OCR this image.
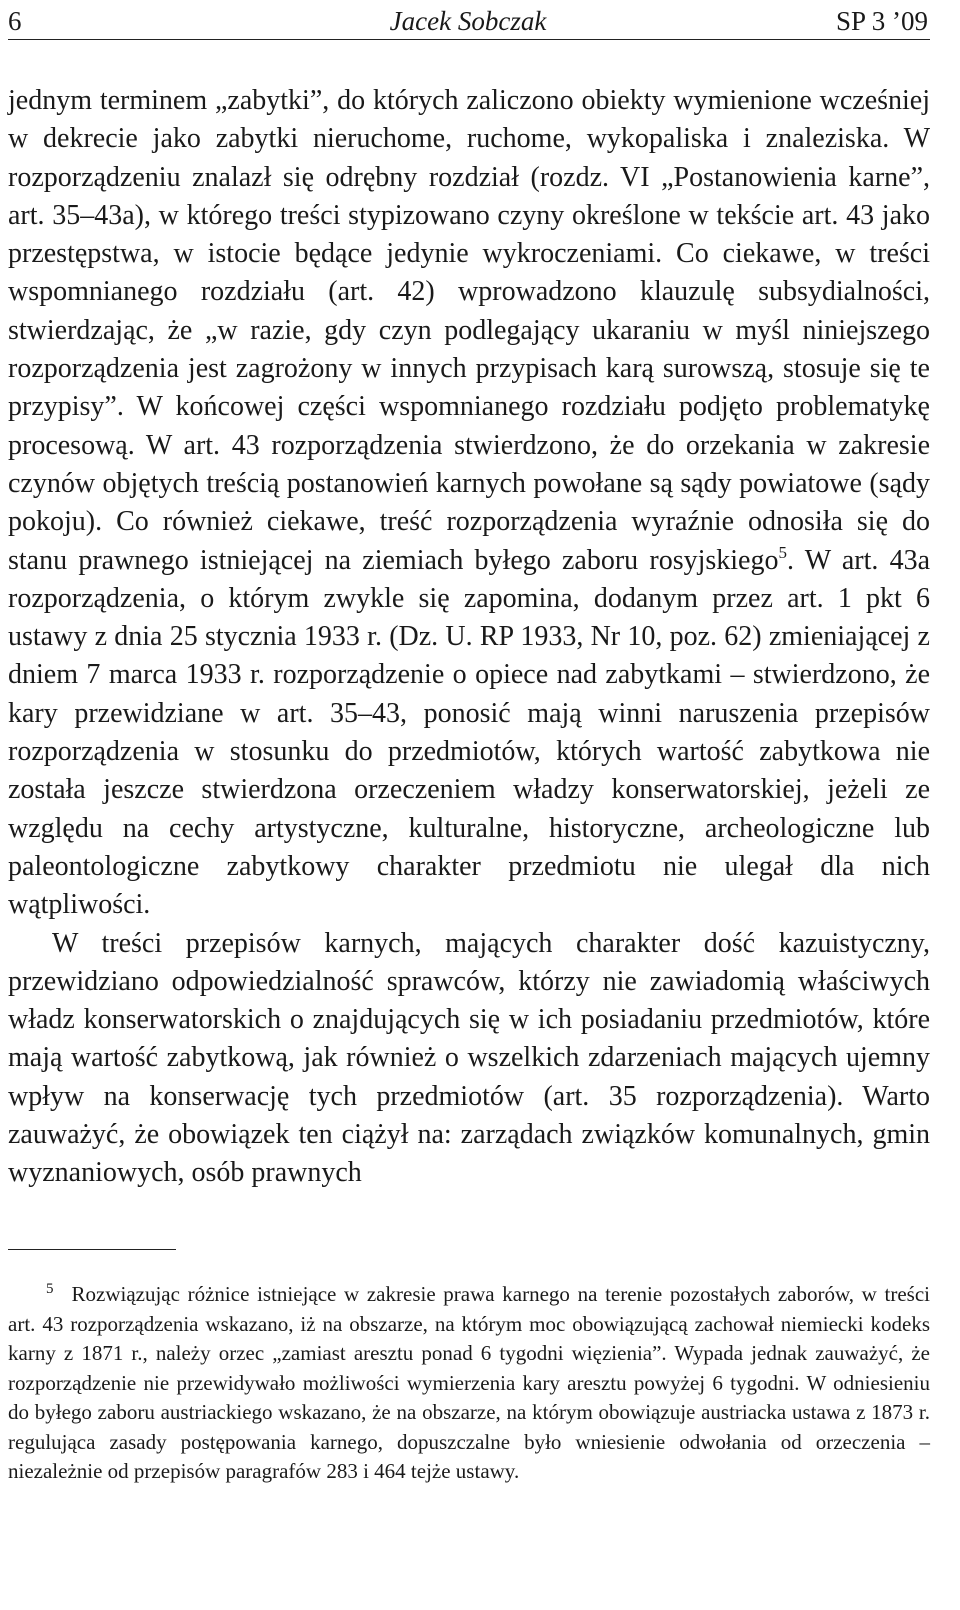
6	Jacek Sobczak	SP 3 ’09

jednym terminem „zabytki”, do których zaliczono obiekty wymienione wcześniej w dekrecie jako zabytki nieruchome, ruchome, wykopaliska i znaleziska. W rozporządzeniu znalazł się odrębny rozdział (rozdz. VI „Postanowienia karne”, art. 35–43a), w którego treści stypizowano czyny określone w tekście art. 43 jako przestępstwa, w istocie będące jedynie wykroczeniami. Co ciekawe, w treści wspomnianego rozdziału (art. 42) wprowadzono klauzulę subsydialności, stwierdzając, że „w razie, gdy czyn podlegający ukaraniu w myśl niniejszego rozporządzenia jest zagrożony w innych przypisach karą surowszą, stosuje się te przypisy”. W końcowej części wspomnianego rozdziału podjęto problematykę procesową. W art. 43 rozporządzenia stwierdzono, że do orzekania w zakresie czynów objętych treścią postanowień karnych powołane są sądy powiatowe (sądy pokoju). Co również ciekawe, treść rozporządzenia wyraźnie odnosiła się do stanu prawnego istniejącej na ziemiach byłego zaboru rosyjskiego$^5$. W art. 43a rozporządzenia, o którym zwykle się zapomina, dodanym przez art. 1 pkt 6 ustawy z dnia 25 stycznia 1933 r. (Dz. U. RP 1933, Nr 10, poz. 62) zmieniającej z dniem 7 marca 1933 r. rozporządzenie o opiece nad zabytkami – stwierdzono, że kary przewidziane w art. 35–43, ponosić mają winni naruszenia przepisów rozporządzenia w stosunku do przedmiotów, których wartość zabytkowa nie została jeszcze stwierdzona orzeczeniem władzy konserwatorskiej, jeżeli ze względu na cechy artystyczne, kulturalne, historyczne, archeologiczne lub paleontologiczne zabytkowy charakter przedmiotu nie ulegał dla nich wątpliwości.

W treści przepisów karnych, mających charakter dość kazuistyczny, przewidziano odpowiedzialność sprawców, którzy nie zawiadomią właściwych władz konserwatorskich o znajdujących się w ich posiadaniu przedmiotów, które mają wartość zabytkową, jak również o wszelkich zdarzeniach mających ujemny wpływ na konserwację tych przedmiotów (art. 35 rozporządzenia). Warto zauważyć, że obowiązek ten ciążył na: zarządach związków komunalnych, gmin wyznaniowych, osób prawnych

$^5$ Rozwiązując różnice istniejące w zakresie prawa karnego na terenie pozostałych zaborów, w treści art. 43 rozporządzenia wskazano, iż na obszarze, na którym moc obowiązującą zachował niemiecki kodeks karny z 1871 r., należy orzec „zamiast aresztu ponad 6 tygodni więzienia”. Wypada jednak zauważyć, że rozporządzenie nie przewidywało możliwości wymierzenia kary aresztu powyżej 6 tygodni. W odniesieniu do byłego zaboru austriackiego wskazano, że na obszarze, na którym obowiązuje austriacka ustawa z 1873 r. regulująca zasady postępowania karnego, dopuszczalne było wniesienie odwołania od orzeczenia – niezależnie od przepisów paragrafów 283 i 464 tejże ustawy.
